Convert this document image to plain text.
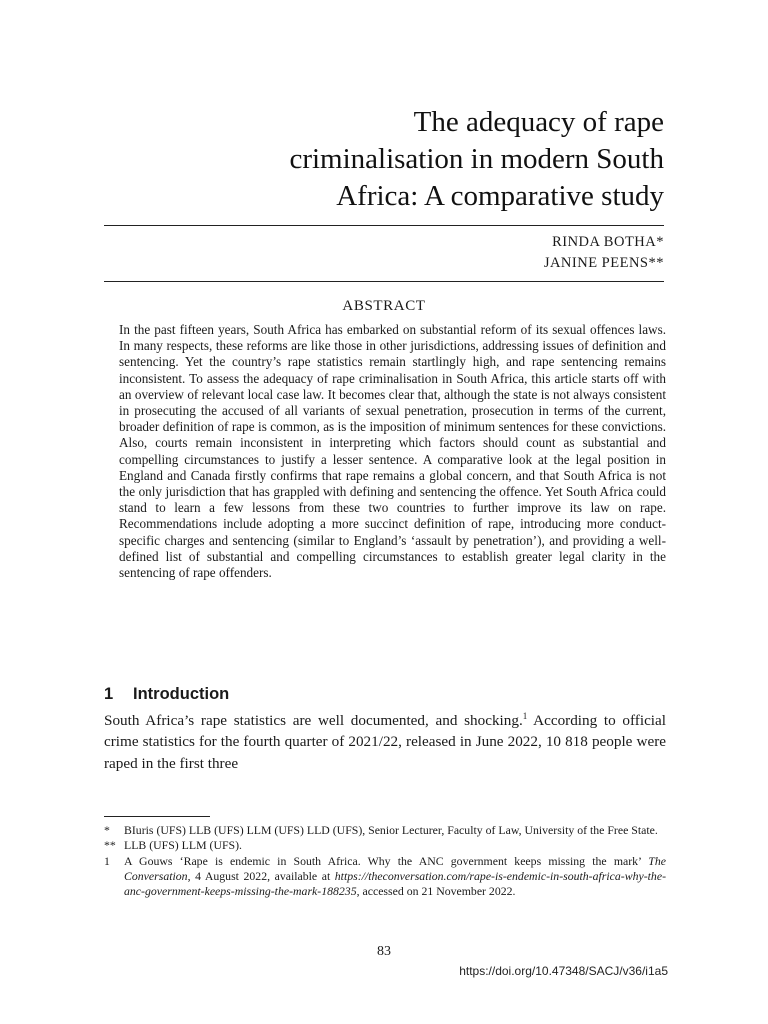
The adequacy of rape
criminalisation in modern South
Africa: A comparative study
RINDA BOTHA*
JANINE PEENS**
ABSTRACT

In the past fifteen years, South Africa has embarked on substantial reform of its sexual offences laws. In many respects, these reforms are like those in other jurisdictions, addressing issues of definition and sentencing. Yet the country’s rape statistics remain startlingly high, and rape sentencing remains inconsistent. To assess the adequacy of rape criminalisation in South Africa, this article starts off with an overview of relevant local case law. It becomes clear that, although the state is not always consistent in prosecuting the accused of all variants of sexual penetration, prosecution in terms of the current, broader definition of rape is common, as is the imposition of minimum sentences for these convictions. Also, courts remain inconsistent in interpreting which factors should count as substantial and compelling circumstances to justify a lesser sentence. A comparative look at the legal position in England and Canada firstly confirms that rape remains a global concern, and that South Africa is not the only jurisdiction that has grappled with defining and sentencing the offence. Yet South Africa could stand to learn a few lessons from these two countries to further improve its law on rape. Recommendations include adopting a more succinct definition of rape, introducing more conduct-specific charges and sentencing (similar to England’s ‘assault by penetration’), and providing a well-defined list of substantial and compelling circumstances to establish greater legal clarity in the sentencing of rape offenders.

1 Introduction

South Africa’s rape statistics are well documented, and shocking.$^1$ According to official crime statistics for the fourth quarter of 2021/22, released in June 2022, 10 818 people were raped in the first three

*	BIuris (UFS) LLB (UFS) LLM (UFS) LLD (UFS), Senior Lecturer, Faculty of Law, University of the Free State.
** LLB (UFS) LLM (UFS).
1	A Gouws ‘Rape is endemic in South Africa. Why the ANC government keeps missing the mark’ The Conversation, 4 August 2022, available at https://theconversation.com/rape-is-endemic-in-south-africa-why-the-anc-government-keeps-missing-the-mark-188235, accessed on 21 November 2022.
83
https://doi.org/10.47348/SACJ/v36/i1a5
